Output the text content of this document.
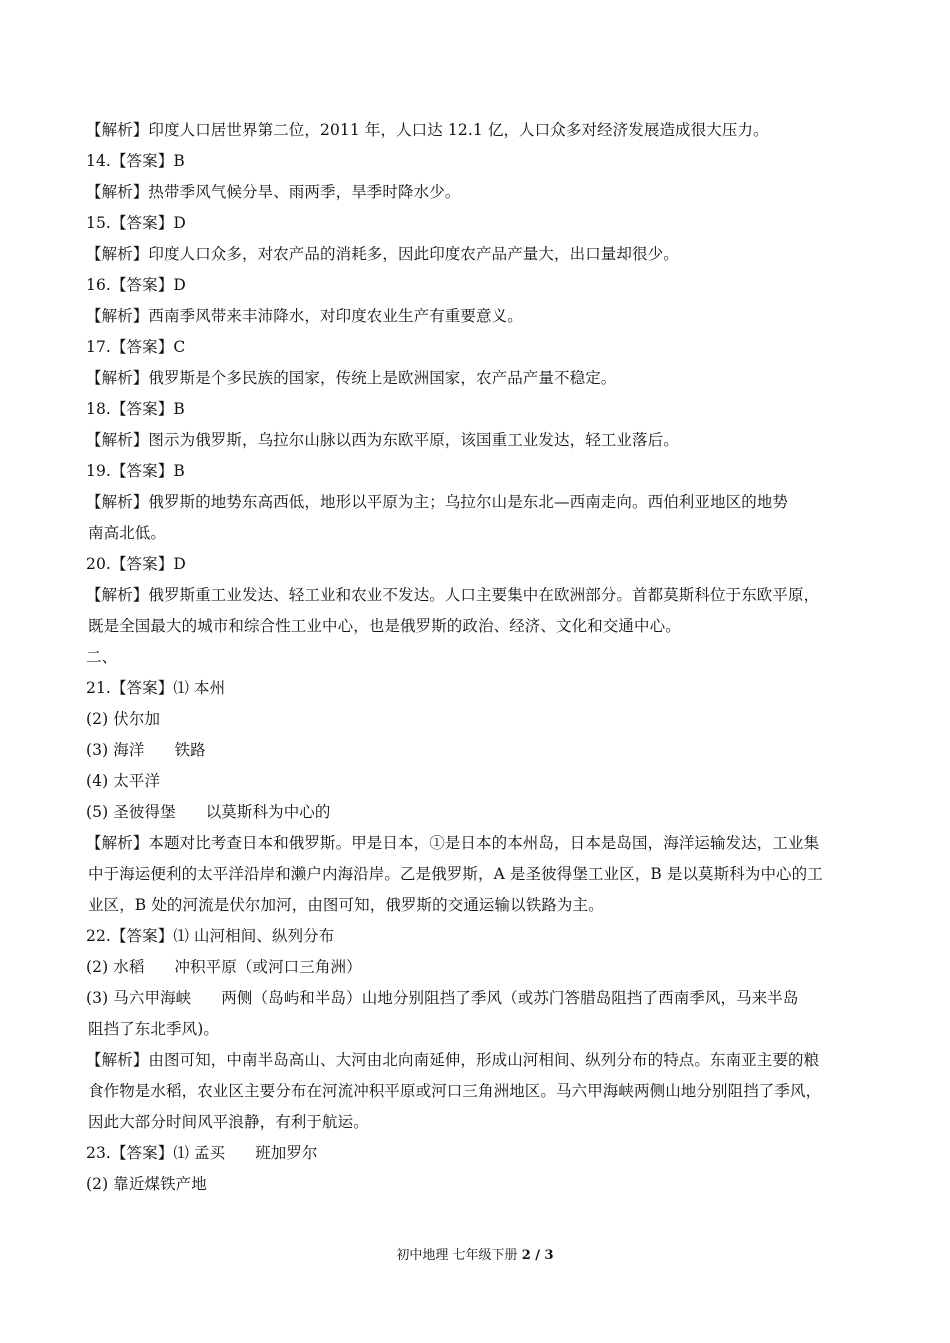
【解析】印度人口居世界第二位，2011 年，人口达 12.1 亿，人口众多对经济发展造成很大压力。
14.【答案】B
【解析】热带季风气候分旱、雨两季，旱季时降水少。
15.【答案】D
【解析】印度人口众多，对农产品的消耗多，因此印度农产品产量大，出口量却很少。
16.【答案】D
【解析】西南季风带来丰沛降水，对印度农业生产有重要意义。
17.【答案】C
【解析】俄罗斯是个多民族的国家，传统上是欧洲国家，农产品产量不稳定。
18.【答案】B
【解析】图示为俄罗斯，乌拉尔山脉以西为东欧平原，该国重工业发达，轻工业落后。
19.【答案】B
【解析】俄罗斯的地势东高西低，地形以平原为主；乌拉尔山是东北—西南走向。西伯利亚地区的地势
南高北低。
20.【答案】D
【解析】俄罗斯重工业发达、轻工业和农业不发达。人口主要集中在欧洲部分。首都莫斯科位于东欧平原，
既是全国最大的城市和综合性工业中心，也是俄罗斯的政治、经济、文化和交通中心。
二、
21.【答案】⑴ 本州
(2) 伏尔加
(3) 海洋 铁路
(4) 太平洋
(5) 圣彼得堡 以莫斯科为中心的
【解析】本题对比考查日本和俄罗斯。甲是日本，①是日本的本州岛，日本是岛国，海洋运输发达，工业集
中于海运便利的太平洋沿岸和濑户内海沿岸。乙是俄罗斯，A 是圣彼得堡工业区，B 是以莫斯科为中心的工
业区，B 处的河流是伏尔加河，由图可知，俄罗斯的交通运输以铁路为主。
22.【答案】⑴ 山河相间、纵列分布
(2) 水稻 冲积平原（或河口三角洲）
(3) 马六甲海峡 两侧（岛屿和半岛）山地分别阻挡了季风（或苏门答腊岛阻挡了西南季风，马来半岛
阻挡了东北季风)。
【解析】由图可知，中南半岛高山、大河由北向南延伸，形成山河相间、纵列分布的特点。东南亚主要的粮
食作物是水稻，农业区主要分布在河流冲积平原或河口三角洲地区。马六甲海峡两侧山地分别阻挡了季风，
因此大部分时间风平浪静，有利于航运。
23.【答案】⑴ 孟买 班加罗尔
(2) 靠近煤铁产地
初中地理 七年级下册 2 / 3
